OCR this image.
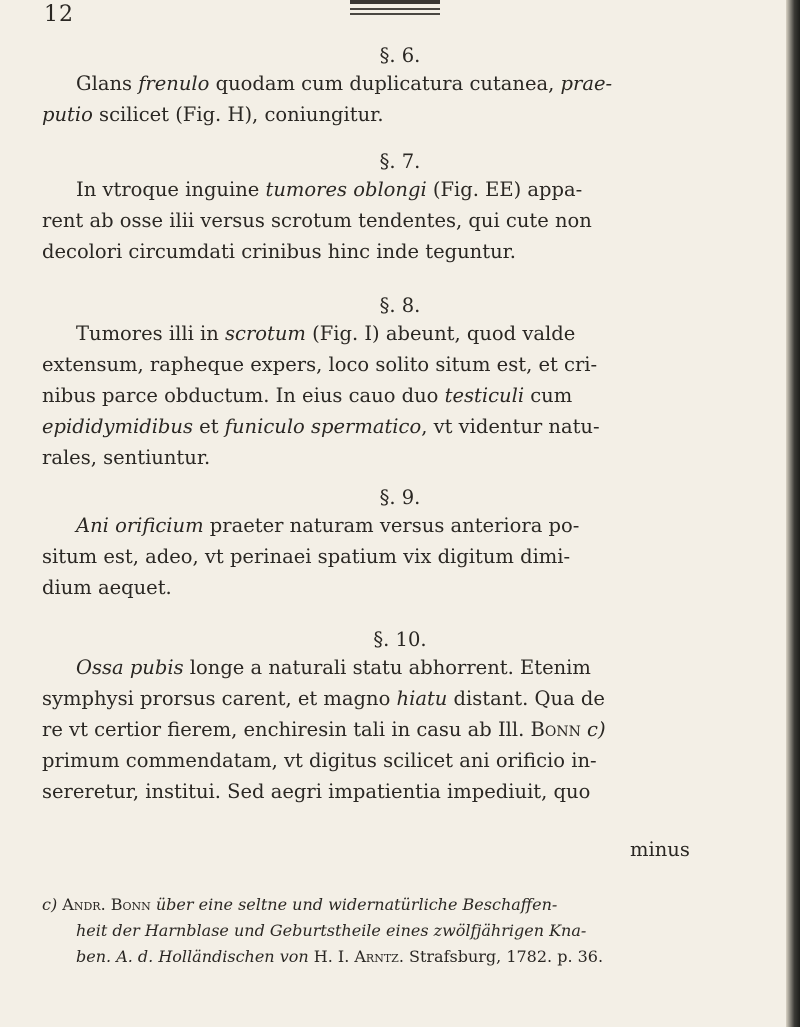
12
§. 6.
Glans frenulo quodam cum duplicatura cutanea, prae-
putio scilicet (Fig. H), coniungitur.
§. 7.
In vtroque inguine tumores oblongi (Fig. EE) appa-
rent ab osse ilii versus scrotum tendentes, qui cute non
decolori circumdati crinibus hinc inde teguntur.
§. 8.
Tumores illi in scrotum (Fig. I) abeunt, quod valde
extensum, rapheque expers, loco solito situm est, et cri-
nibus parce obductum. In eius cauo duo testiculi cum
epididymidibus et funiculo spermatico, vt videntur natu-
rales, sentiuntur.
§. 9.
Ani orificium praeter naturam versus anteriora po-
situm est, adeo, vt perinaei spatium vix digitum dimi-
dium aequet.
§. 10.
Ossa pubis longe a naturali statu abhorrent. Etenim
symphysi prorsus carent, et magno hiatu distant. Qua de
re vt certior fierem, enchiresin tali in casu ab Ill. Bonn c)
primum commendatam, vt digitus scilicet ani orificio in-
sereretur, institui. Sed aegri impatientia impediuit, quo
minus
c) Andr. Bonn über eine seltne und widernatürliche Beschaffen-
heit der Harnblase und Geburtstheile eines zwölfjährigen Kna-
ben. A. d. Holländischen von H. I. Arntz. Strafsburg, 1782. p. 36.
